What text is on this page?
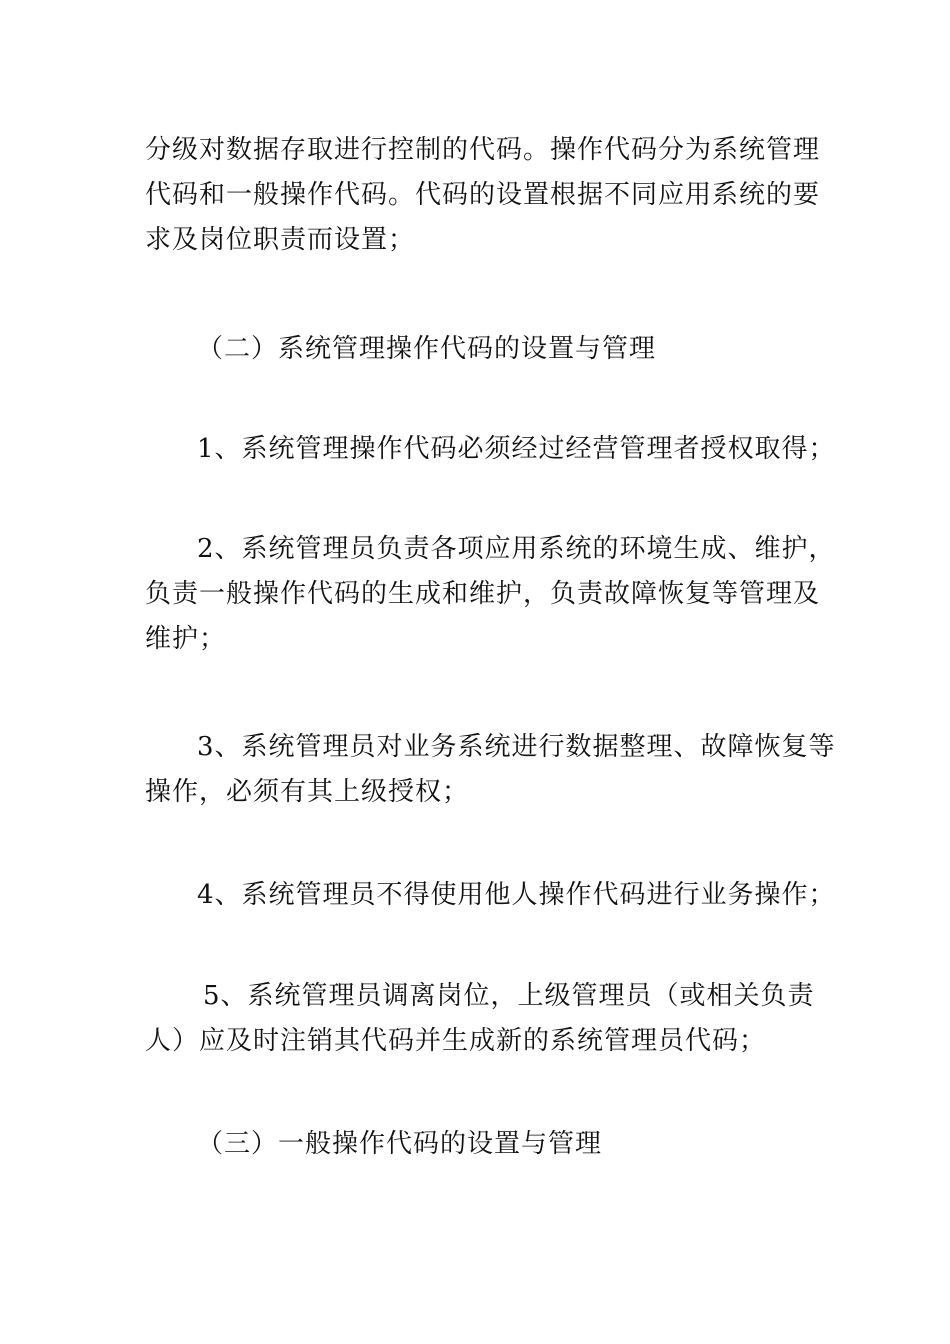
分级对数据存取进行控制的代码。操作代码分为系统管理
代码和一般操作代码。代码的设置根据不同应用系统的要
求及岗位职责而设置；

（二）系统管理操作代码的设置与管理

1、系统管理操作代码必须经过经营管理者授权取得；

2、系统管理员负责各项应用系统的环境生成、维护，
负责一般操作代码的生成和维护，负责故障恢复等管理及
维护；

3、系统管理员对业务系统进行数据整理、故障恢复等
操作，必须有其上级授权；

4、系统管理员不得使用他人操作代码进行业务操作；

5、系统管理员调离岗位，上级管理员（或相关负责
人）应及时注销其代码并生成新的系统管理员代码；

（三）一般操作代码的设置与管理
